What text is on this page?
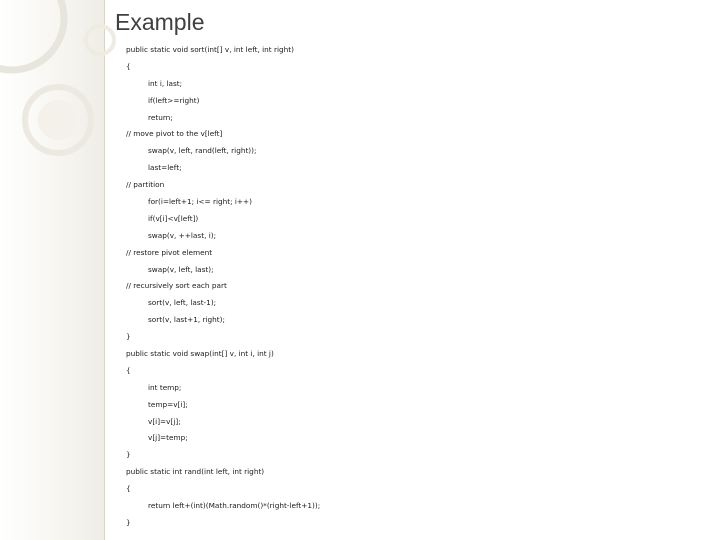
Example
public static void sort(int[] v, int left, int right)
{
int i, last;
if(left>=right)
return;
// move pivot to the v[left]
swap(v, left, rand(left, right));
last=left;
// partition
for(i=left+1; i<= right; i++)
if(v[i]<v[left])
swap(v, ++last, i);
// restore pivot element
swap(v, left, last);
// recursively sort each part
sort(v, left, last-1);
sort(v, last+1, right);
}
public static void swap(int[] v, int i, int j)
{
int temp;
temp=v[i];
v[i]=v[j];
v[j]=temp;
}
public static int rand(int left, int right)
{
return left+(int)(Math.random()*(right-left+1));
}
